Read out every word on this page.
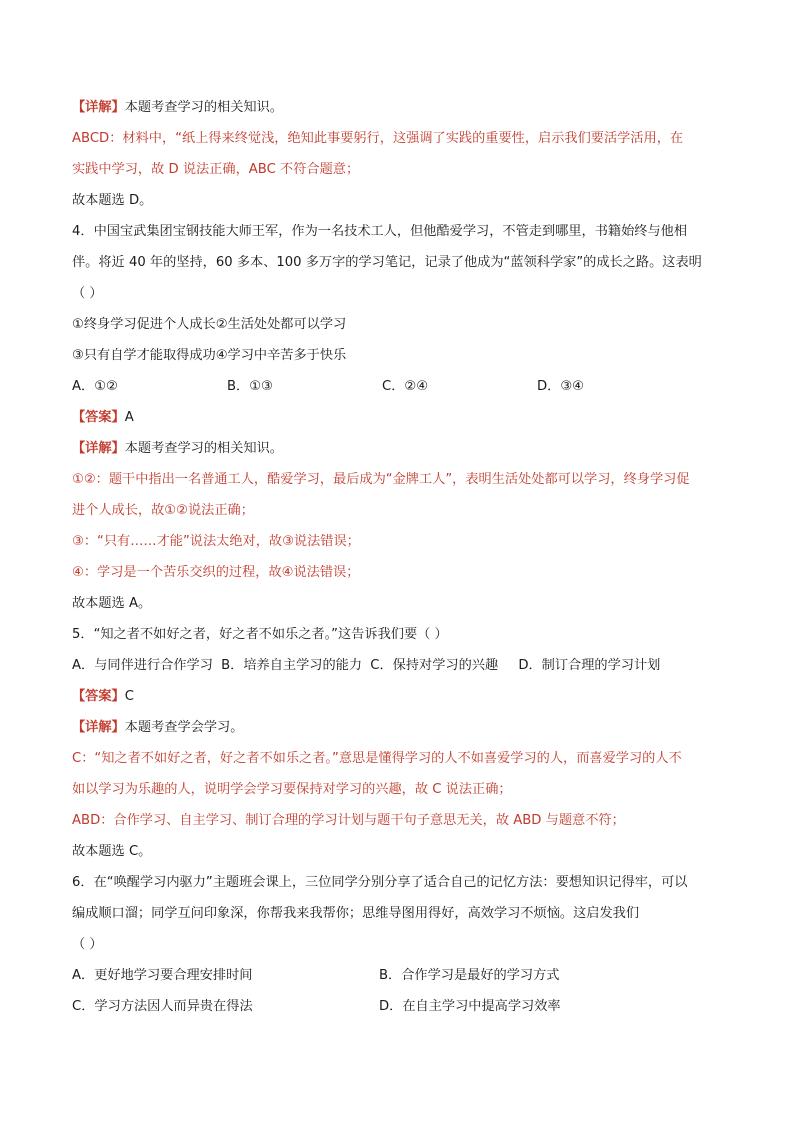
【详解】本题考查学习的相关知识。

ABCD：材料中，“纸上得来终觉浅，绝知此事要躬行，这强调了实践的重要性，启示我们要活学活用，在

实践中学习，故 D 说法正确，ABC 不符合题意；

故本题选 D。

4．中国宝武集团宝钢技能大师王军，作为一名技术工人，但他酷爱学习，不管走到哪里，书籍始终与他相

伴。将近 40 年的坚持，60 多本、100 多万字的学习笔记，记录了他成为“蓝领科学家”的成长之路。这表明

（ ）

①终身学习促进个人成长②生活处处都可以学习

③只有自学才能取得成功④学习中辛苦多于快乐

A．①②	B．①③	C．②④	D．③④

【答案】A

【详解】本题考查学习的相关知识。

①②：题干中指出一名普通工人，酷爱学习，最后成为“金牌工人”，表明生活处处都可以学习，终身学习促

进个人成长，故①②说法正确；

③：“只有……才能”说法太绝对，故③说法错误；

④：学习是一个苦乐交织的过程，故④说法错误；

故本题选 A。

5．“知之者不如好之者，好之者不如乐之者。”这告诉我们要（ ）

A．与同伴进行合作学习 B．培养自主学习的能力 C．保持对学习的兴趣 D．制订合理的学习计划

【答案】C

【详解】本题考查学会学习。

C：“知之者不如好之者，好之者不如乐之者。”意思是懂得学习的人不如喜爱学习的人，而喜爱学习的人不

如以学习为乐趣的人，说明学会学习要保持对学习的兴趣，故 C 说法正确；

ABD：合作学习、自主学习、制订合理的学习计划与题干句子意思无关，故 ABD 与题意不符；

故本题选 C。

6．在“唤醒学习内驱力”主题班会课上，三位同学分别分享了适合自己的记忆方法：要想知识记得牢，可以

编成顺口溜；同学互问印象深，你帮我来我帮你；思维导图用得好，高效学习不烦恼。这启发我们

（ ）

A．更好地学习要合理安排时间	B．合作学习是最好的学习方式
C．学习方法因人而异贵在得法	D．在自主学习中提高学习效率
